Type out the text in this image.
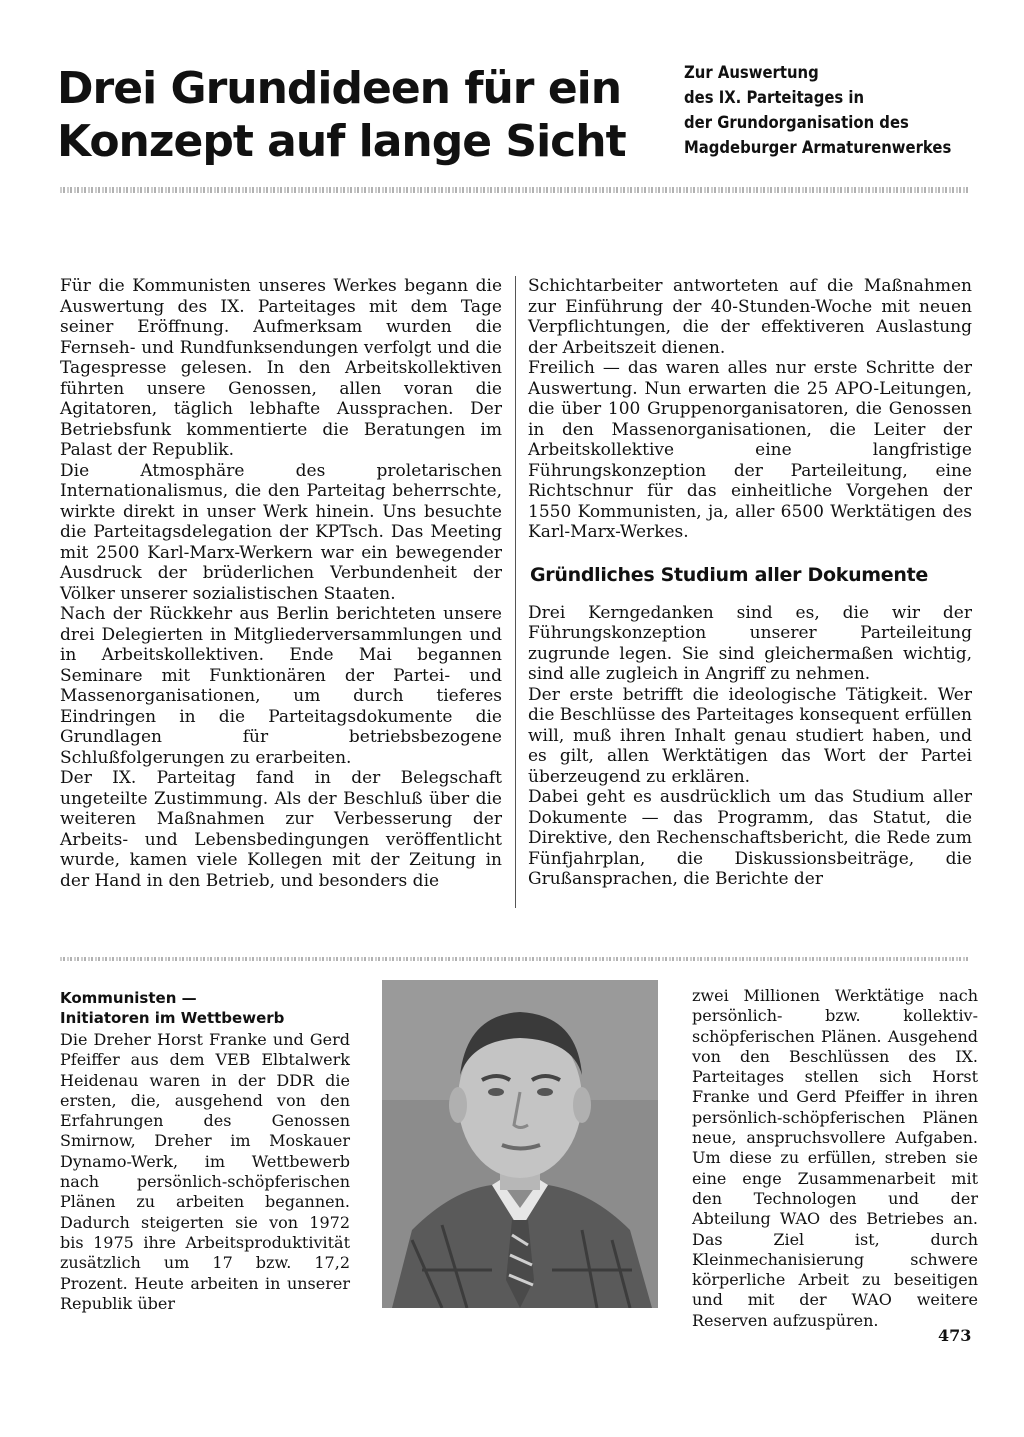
Drei Grundideen für ein
Konzept auf lange Sicht
Zur Auswertung
des IX. Parteitages in
der Grundorganisation des
Magdeburger Armaturenwerkes

Für die Kommunisten unseres Werkes begann die Auswertung des IX. Parteitages mit dem Tage seiner Eröffnung. Aufmerksam wurden die Fernseh- und Rundfunksendungen verfolgt und die Tagespresse gelesen. In den Arbeitskollektiven führten unsere Genossen, allen voran die Agitatoren, täglich lebhafte Aussprachen. Der Betriebsfunk kommentierte die Beratungen im Palast der Republik.

Die Atmosphäre des proletarischen Internationalismus, die den Parteitag beherrschte, wirkte direkt in unser Werk hinein. Uns besuchte die Parteitagsdelegation der KPTsch. Das Meeting mit 2500 Karl-Marx-Werkern war ein bewegender Ausdruck der brüderlichen Verbundenheit der Völker unserer sozialistischen Staaten.

Nach der Rückkehr aus Berlin berichteten unsere drei Delegierten in Mitgliederversammlungen und in Arbeitskollektiven. Ende Mai begannen Seminare mit Funktionären der Partei- und Massenorganisationen, um durch tieferes Eindringen in die Parteitagsdokumente die Grundlagen für betriebsbezogene Schlußfolgerungen zu erarbeiten.

Der IX. Parteitag fand in der Belegschaft ungeteilte Zustimmung. Als der Beschluß über die weiteren Maßnahmen zur Verbesserung der Arbeits- und Lebensbedingungen veröffentlicht wurde, kamen viele Kollegen mit der Zeitung in der Hand in den Betrieb, und besonders die

Schichtarbeiter antworteten auf die Maßnahmen zur Einführung der 40-Stunden-Woche mit neuen Verpflichtungen, die der effektiveren Auslastung der Arbeitszeit dienen.

Freilich — das waren alles nur erste Schritte der Auswertung. Nun erwarten die 25 APO-Leitungen, die über 100 Gruppenorganisatoren, die Genossen in den Massenorganisationen, die Leiter der Arbeitskollektive eine langfristige Führungskonzeption der Parteileitung, eine Richtschnur für das einheitliche Vorgehen der 1550 Kommunisten, ja, aller 6500 Werktätigen des Karl-Marx-Werkes.

Gründliches Studium aller Dokumente

Drei Kerngedanken sind es, die wir der Führungskonzeption unserer Parteileitung zugrunde legen. Sie sind gleichermaßen wichtig, sind alle zugleich in Angriff zu nehmen.

Der erste betrifft die ideologische Tätigkeit. Wer die Beschlüsse des Parteitages konsequent erfüllen will, muß ihren Inhalt genau studiert haben, und es gilt, allen Werktätigen das Wort der Partei überzeugend zu erklären.

Dabei geht es ausdrücklich um das Studium aller Dokumente — das Programm, das Statut, die Direktive, den Rechenschaftsbericht, die Rede zum Fünfjahrplan, die Diskussionsbeiträge, die Grußansprachen, die Berichte der

Kommunisten —
Initiatoren im Wettbewerb

Die Dreher Horst Franke und Gerd Pfeiffer aus dem VEB Elbtalwerk Heidenau waren in der DDR die ersten, die, ausgehend von den Erfahrungen des Genossen Smirnow, Dreher im Moskauer Dynamo-Werk, im Wettbewerb nach persönlich-schöpferischen Plänen zu arbeiten begannen. Dadurch steigerten sie von 1972 bis 1975 ihre Arbeitsproduktivität zusätzlich um 17 bzw. 17,2 Prozent. Heute arbeiten in unserer Republik über

zwei Millionen Werktätige nach persönlich- bzw. kollektiv-schöpferischen Plänen. Ausgehend von den Beschlüssen des IX. Parteitages stellen sich Horst Franke und Gerd Pfeiffer in ihren persönlich-schöpferischen Plänen neue, anspruchsvollere Aufgaben. Um diese zu erfüllen, streben sie eine enge Zusammenarbeit mit den Technologen und der Abteilung WAO des Betriebes an. Das Ziel ist, durch Kleinmechanisierung schwere körperliche Arbeit zu beseitigen und mit der WAO weitere Reserven aufzuspüren.

473
